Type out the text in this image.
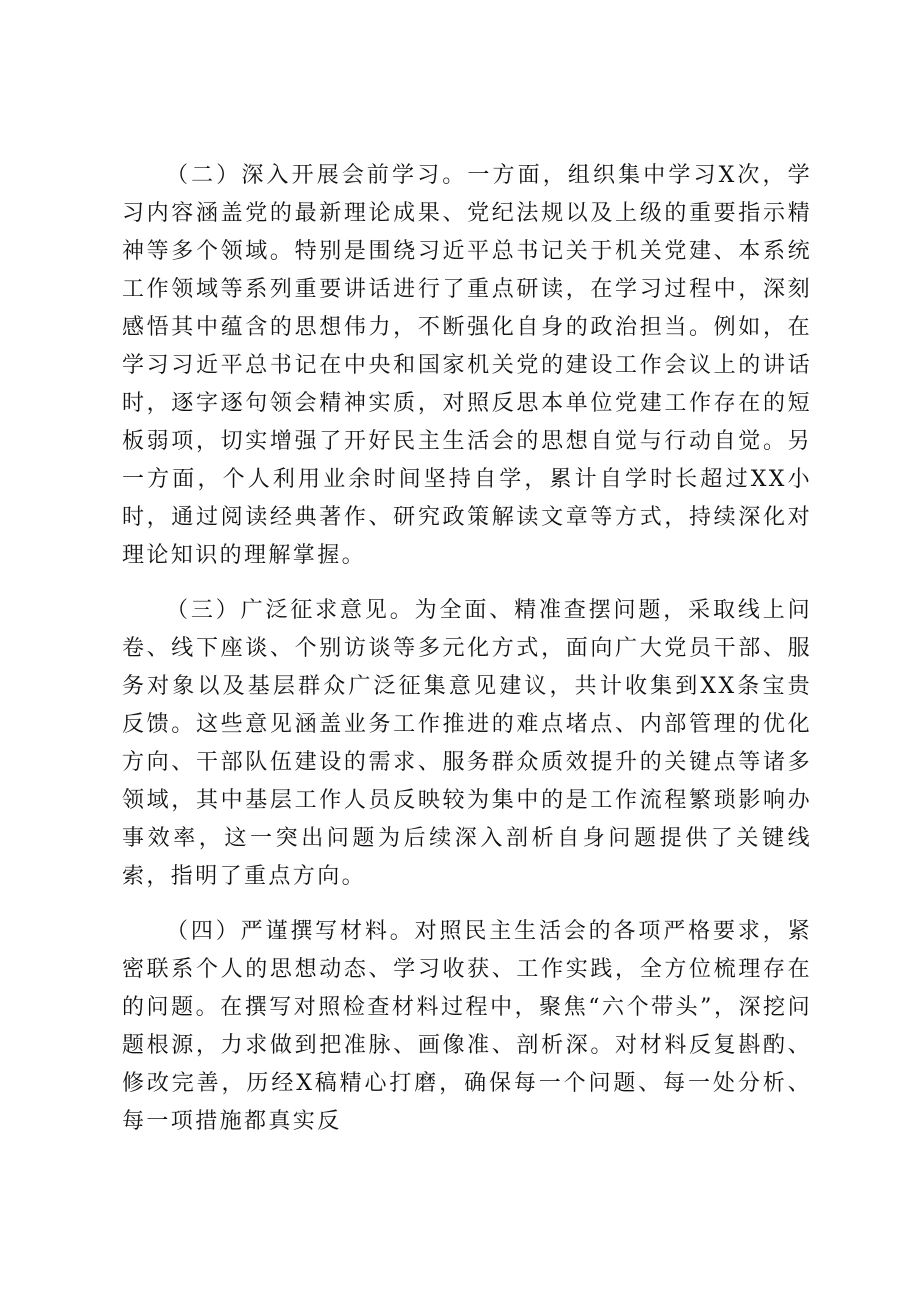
（二）深入开展会前学习。一方面，组织集中学习X次，学习内容涵盖党的最新理论成果、党纪法规以及上级的重要指示精神等多个领域。特别是围绕习近平总书记关于机关党建、本系统工作领域等系列重要讲话进行了重点研读，在学习过程中，深刻感悟其中蕴含的思想伟力，不断强化自身的政治担当。例如，在学习习近平总书记在中央和国家机关党的建设工作会议上的讲话时，逐字逐句领会精神实质，对照反思本单位党建工作存在的短板弱项，切实增强了开好民主生活会的思想自觉与行动自觉。另一方面，个人利用业余时间坚持自学，累计自学时长超过XX小时，通过阅读经典著作、研究政策解读文章等方式，持续深化对理论知识的理解掌握。

（三）广泛征求意见。为全面、精准查摆问题，采取线上问卷、线下座谈、个别访谈等多元化方式，面向广大党员干部、服务对象以及基层群众广泛征集意见建议，共计收集到XX条宝贵反馈。这些意见涵盖业务工作推进的难点堵点、内部管理的优化方向、干部队伍建设的需求、服务群众质效提升的关键点等诸多领域，其中基层工作人员反映较为集中的是工作流程繁琐影响办事效率，这一突出问题为后续深入剖析自身问题提供了关键线索，指明了重点方向。

（四）严谨撰写材料。对照民主生活会的各项严格要求，紧密联系个人的思想动态、学习收获、工作实践，全方位梳理存在的问题。在撰写对照检查材料过程中，聚焦“六个带头”，深挖问题根源，力求做到把准脉、画像准、剖析深。对材料反复斟酌、修改完善，历经X稿精心打磨，确保每一个问题、每一处分析、每一项措施都真实反
